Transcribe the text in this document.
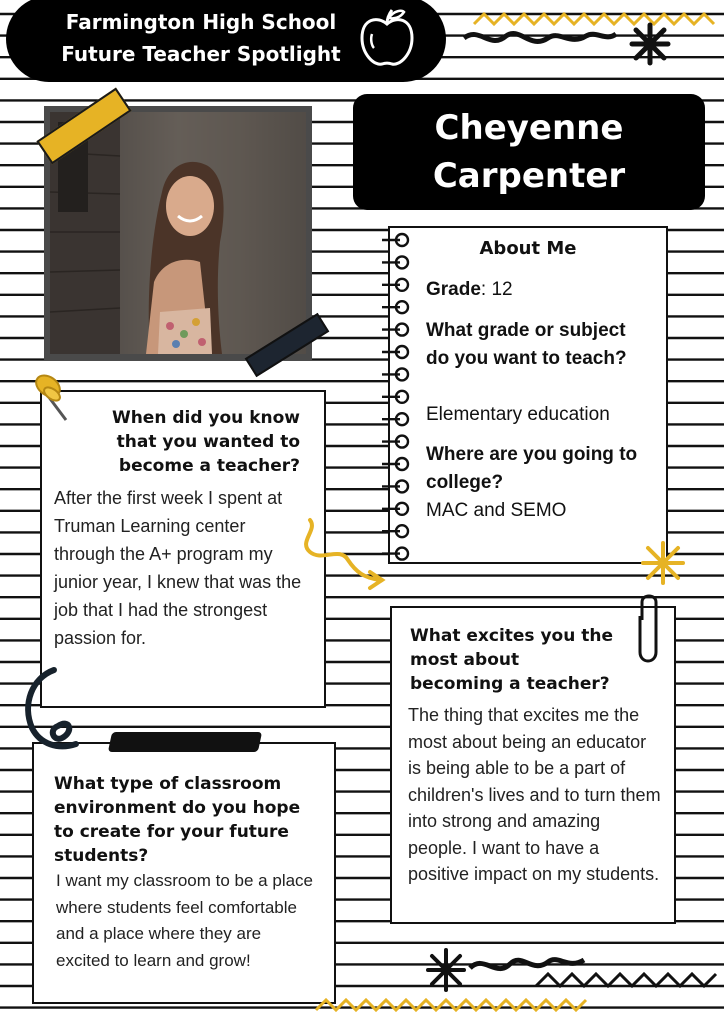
Farmington High School
Future Teacher Spotlight
Cheyenne
Carpenter
About Me
Grade: 12
What grade or subject do you want to teach?
Elementary education
Where are you going to college?
MAC and SEMO
When did you know that you wanted to become a teacher?
After the first week I spent at Truman Learning center through the A+ program my junior year, I knew that was the job that I had the strongest passion for.	What excites you the most about becoming a teacher?
The thing that excites me the most about being an educator is being able to be a part of children's lives and to turn them into strong and amazing people. I want to have a positive impact on my students.
What type of classroom environment do you hope to create for your future students?
I want my classroom to be a place where students feel comfortable and a place where they are excited to learn and grow!
